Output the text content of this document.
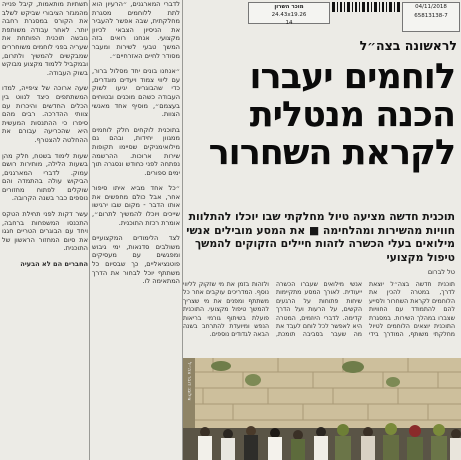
תשתיות מותאמות, קיבל פנייה מהמגזר הציבורי שביקש לשלב את הקורס במסגרת רחבה יותר. לאחר עבודה משותפת גובשה תוכנית הפותחת את שעריה בפני לוחמים משוחררים שמבקשים להמשיך ולתרום, ובמקביל ללמוד מקצוע מבוקש בשוק העבודה.

שעה ארוכה של ציפייה, למדו המשתתפים כיצד לנווט בין הכלים החדשים והיכרות עם צוותי ההדרכה. רבים מהם סיפרו כי ההתנסות המעשית היא שהכריעה עבורם את ההחלטה להצטרף.

שעות לימוד בשטח, חלק מהן בשעות הלילה, מותירות רושם עמוק. לדברי המארגנים, הביקוש עולה בהתמדה והם שוקלים לפתוח מחזורים נוספים כבר בשנה הקרובה.

עשר דקות לפני תחילת הטקס התכנסו המשפחות ברחבה, ויחד עם הבוגרים הטריים חגגו את סיום המחזור הראשון של התוכנית.

החברים הם לא הבעיה

לדברי המארגנים, ״הרעיון הוא לתת ללוחמים מסגרת מחלקתית, שבה אפשר להעביר את הניסיון הצבאי לכיוון מקצועי. אנחנו רואים בזה המשך טבעי לשירות ומעבר מסודר לחיים האזרחיים״.

״אנחנו בונים יחד מסלול ברור, עם ליווי צמוד ויעדים מוגדרים, כדי שהבוגרים יגיעו לשוק העבודה כשהם מוכנים ובטוחים בעצמם״, מוסיף אחד מאנשי הצוות.

בתוכנית לוקחים חלק לוחמים ממגוון יחידות, ובהם גם מילואימניקים שסיימו תקופות שירות ארוכות. ההרשמה נפתחה לפני כחודש ונסגרה תוך ימים ספורים.

״כל אחד מביא איתו סיפור אחר, אבל כולם מחפשים את אותו הדבר - מקום שבו ירגישו שייכים ויוכלו להמשיך לתרום״, אומרת רכזת התוכנית.

לצד הלימודים המקצועיים משולבים סדנאות, ימי גיבוש ומפגשים עם מעסיקים פוטנציאליים, כך שבסיום כל משתתף יוכל לבחור את הדרך המתאימה לו.

04/11/2018
65813138-7
מוכר השרון
24.43x19.26
14
לראשונה בצה״ל
לוחמים יעברו
הכנה מנטלית
לקראת השחרור
תוכנית חדשה מציעה טיול מחלקתי שבו יוכלו להתלוות חוויות מהשירות ומהלחימה ■ את המסע מובילים אנשי מילואים בעלי הכשרה לזהות חיילים הזקוקים להמשך טיפול מקצועי
טל לברום
תוכנית חדשה בצה״ל יוצאת לדרך, במטרה להכין את הלוחמים לקראת השחרור ולסייע להם להתמודד עם החוויות שצברו במהלך השירות. במסגרת התוכנית יוצאים הלוחמים לטיול מחלקתי משותף, המודרך בידי אנשי מילואים שעברו הכשרה ייעודית. לאורך המסע מתקיימות שיחות פתוחות על הרגעים הקשים, על הרעות ועל הדרך קדימה. לדברי היוזמים, המטרה היא לאפשר לכל לוחם לעבד את מה שעבר בסביבה תומכת, ולזהות בזמן את מי שזקוק לליווי נוסף. המדריכים עוקבים אחר כל משתתף ומפנים את מי שצריך להמשך טיפול מקצועי. התוכנית פועלת בשיתוף גורמי בריאות הנפש ומיועדת להתרחב בשנה הבאה לגדודים נוספים.
צילום: דובר צה״ל
